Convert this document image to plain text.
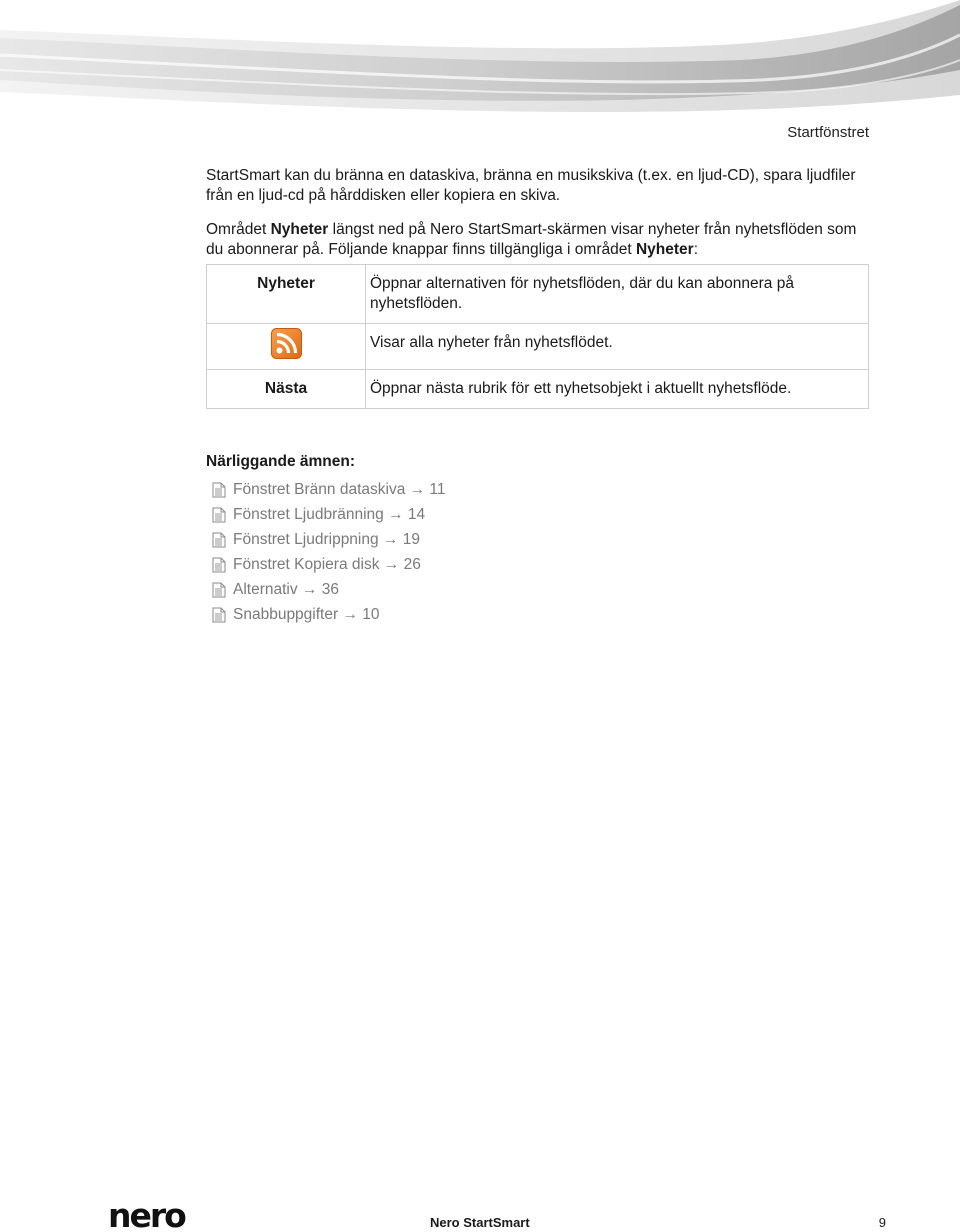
Startfönstret

StartSmart kan du bränna en dataskiva, bränna en musikskiva (t.ex. en ljud-CD), spara ljudfiler från en ljud-cd på hårddisken eller kopiera en skiva.

Området Nyheter längst ned på Nero StartSmart-skärmen visar nyheter från nyhetsflöden som du abonnerar på. Följande knappar finns tillgängliga i området Nyheter:

Nyheter	Öppnar alternativen för nyhetsflöden, där du kan abonnera på nyhetsflöden.
	Visar alla nyheter från nyhetsflödet.
Nästa	Öppnar nästa rubrik för ett nyhetsobjekt i aktuellt nyhetsflöde.
Närliggande ämnen:
Fönstret Bränn dataskiva → 11
Fönstret Ljudbränning → 14
Fönstret Ljudrippning → 19
Fönstret Kopiera disk → 26
Alternativ → 36
Snabbuppgifter → 10
nero	Nero StartSmart	9
